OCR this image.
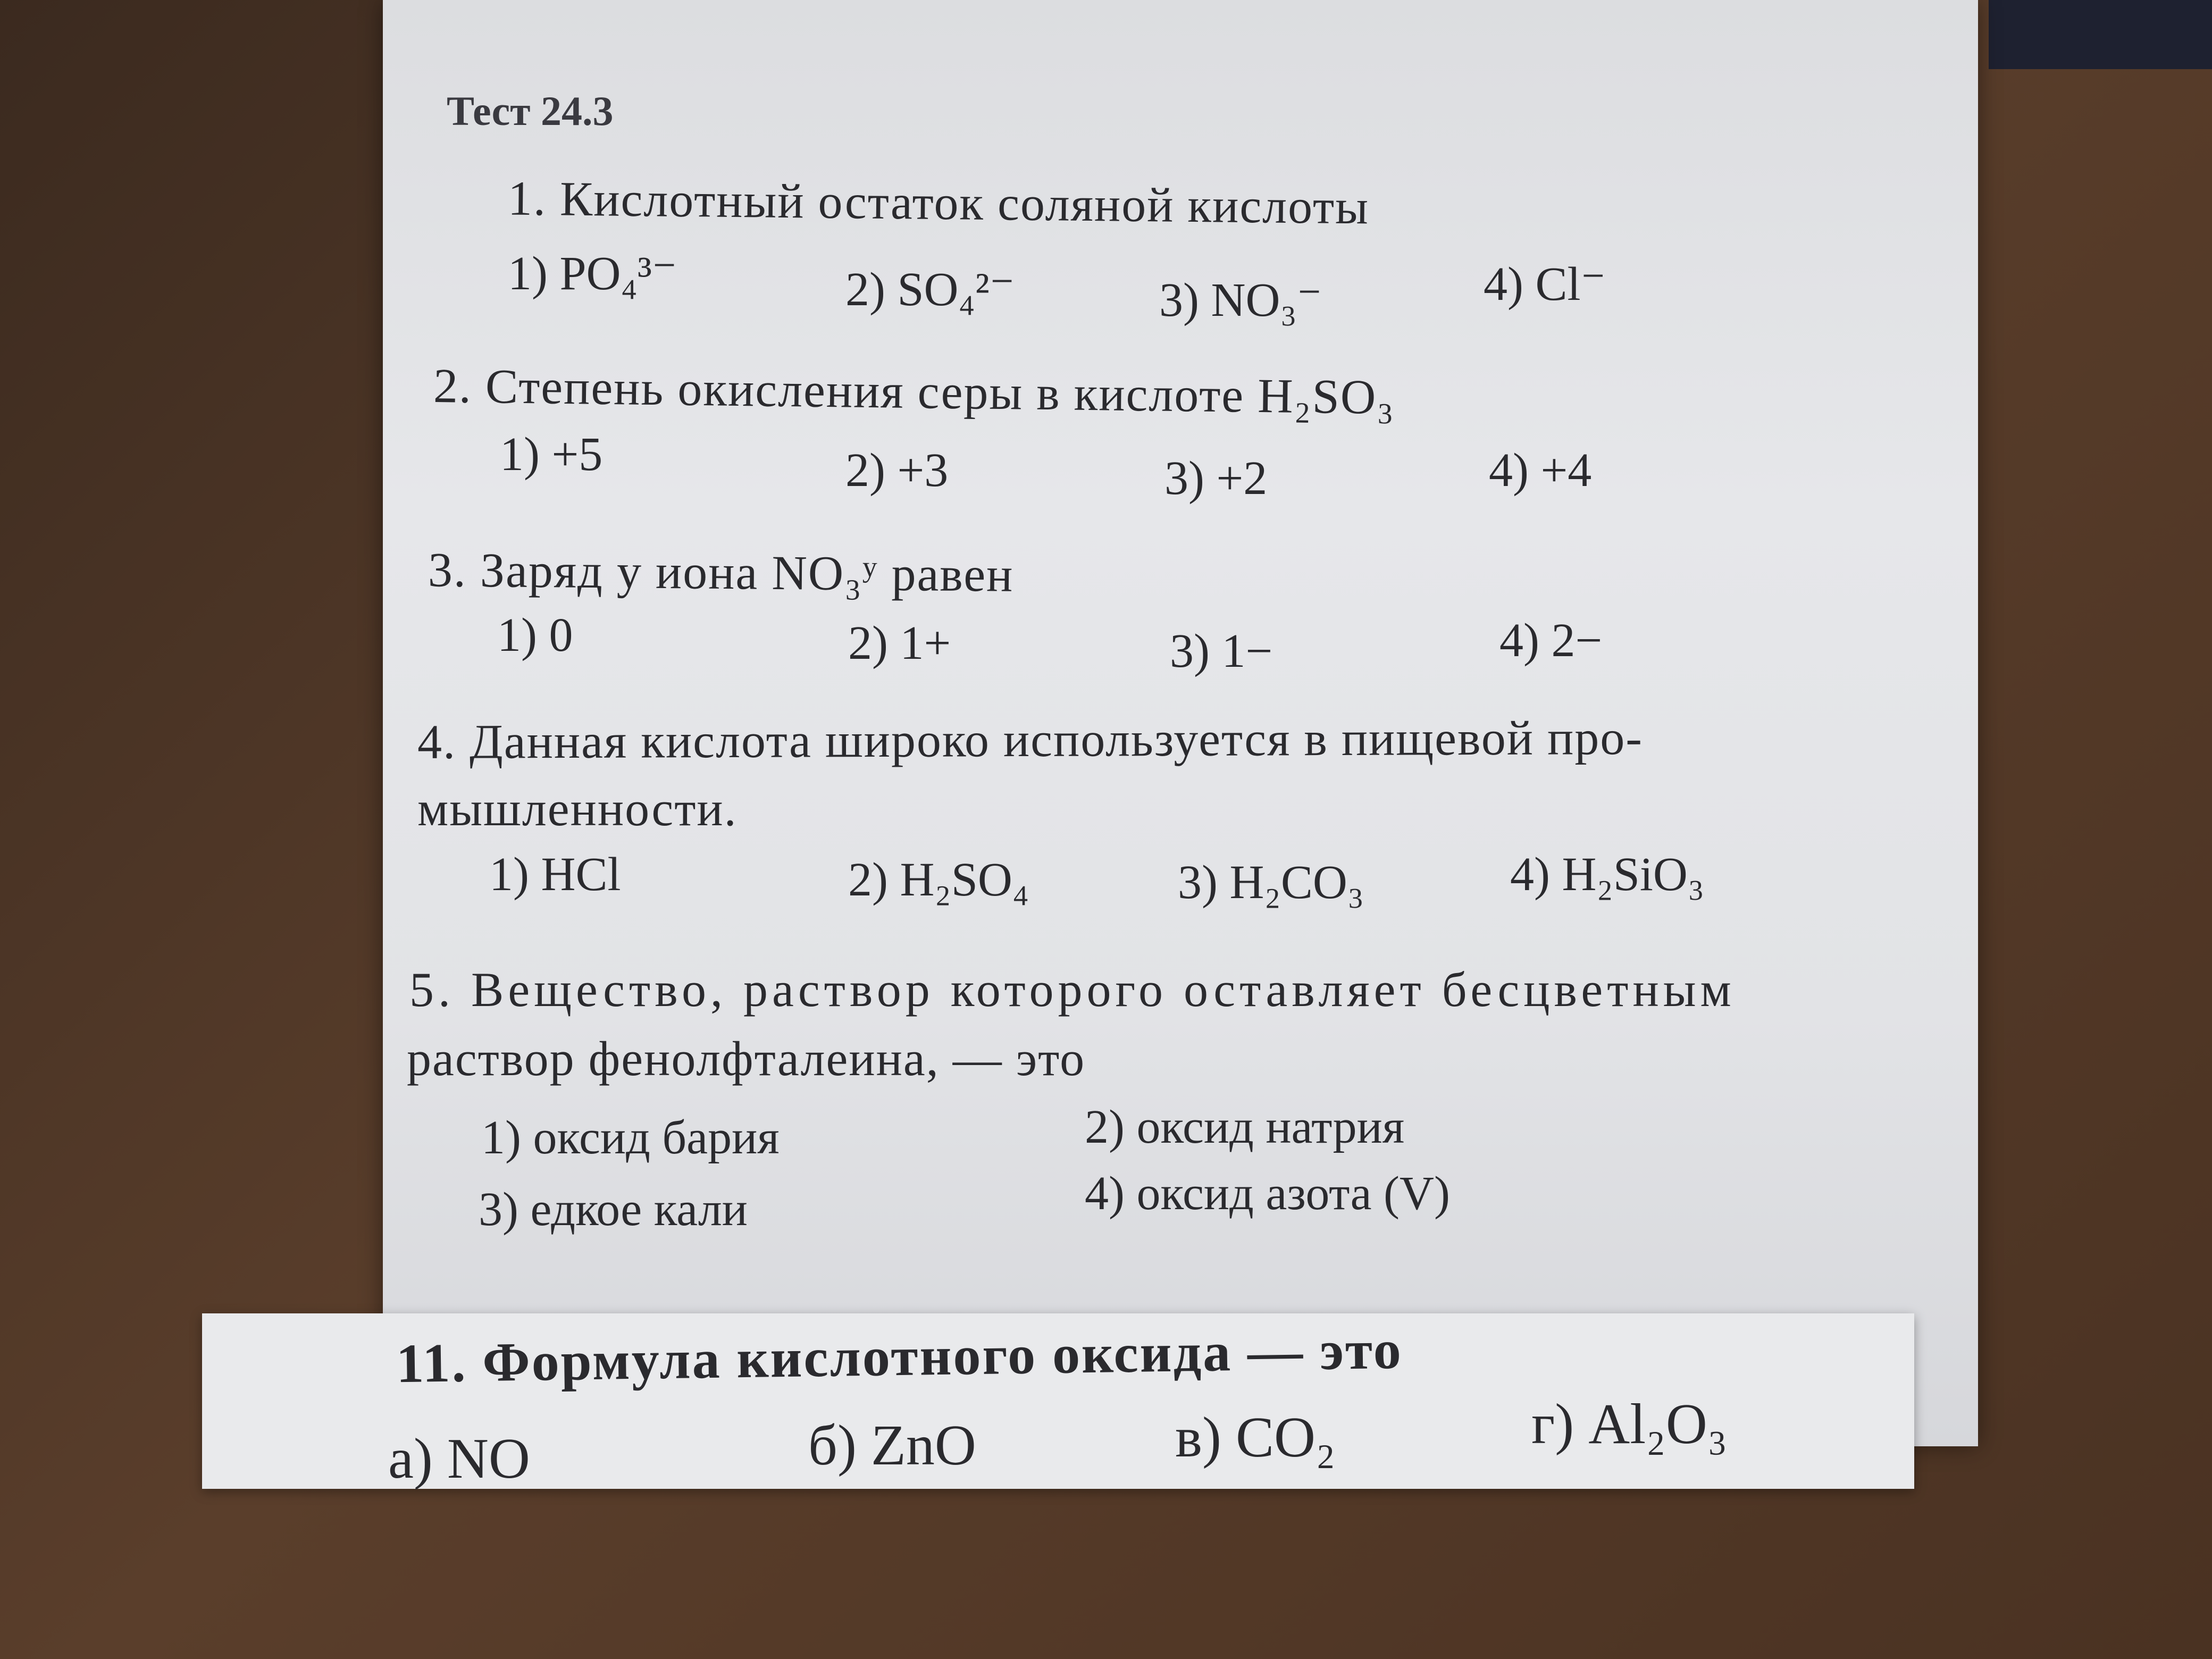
Тест 24.3
1. Кислотный остаток соляной кислоты
1) PO₄³⁻	2) SO₄²⁻	3) NO₃⁻	4) Cl⁻
2. Степень окисления серы в кислоте H₂SO₃
1) +5	2) +3	3) +2	4) +4
3. Заряд у иона NO₃ʸ равен
1) 0	2) 1+	3) 1−	4) 2−
4. Данная кислота широко используется в пищевой про-
мышленности.
1) HCl	2) H₂SO₄	3) H₂CO₃	4) H₂SiO₃
5. Вещество, раствор которого оставляет бесцветным
раствор фенолфталеина, — это
1) оксид бария	2) оксид натрия
3) едкое кали	4) оксид азота (V)
11. Формула кислотного оксида — это
а) NO	б) ZnO	в) CO₂	г) Al₂O₃
